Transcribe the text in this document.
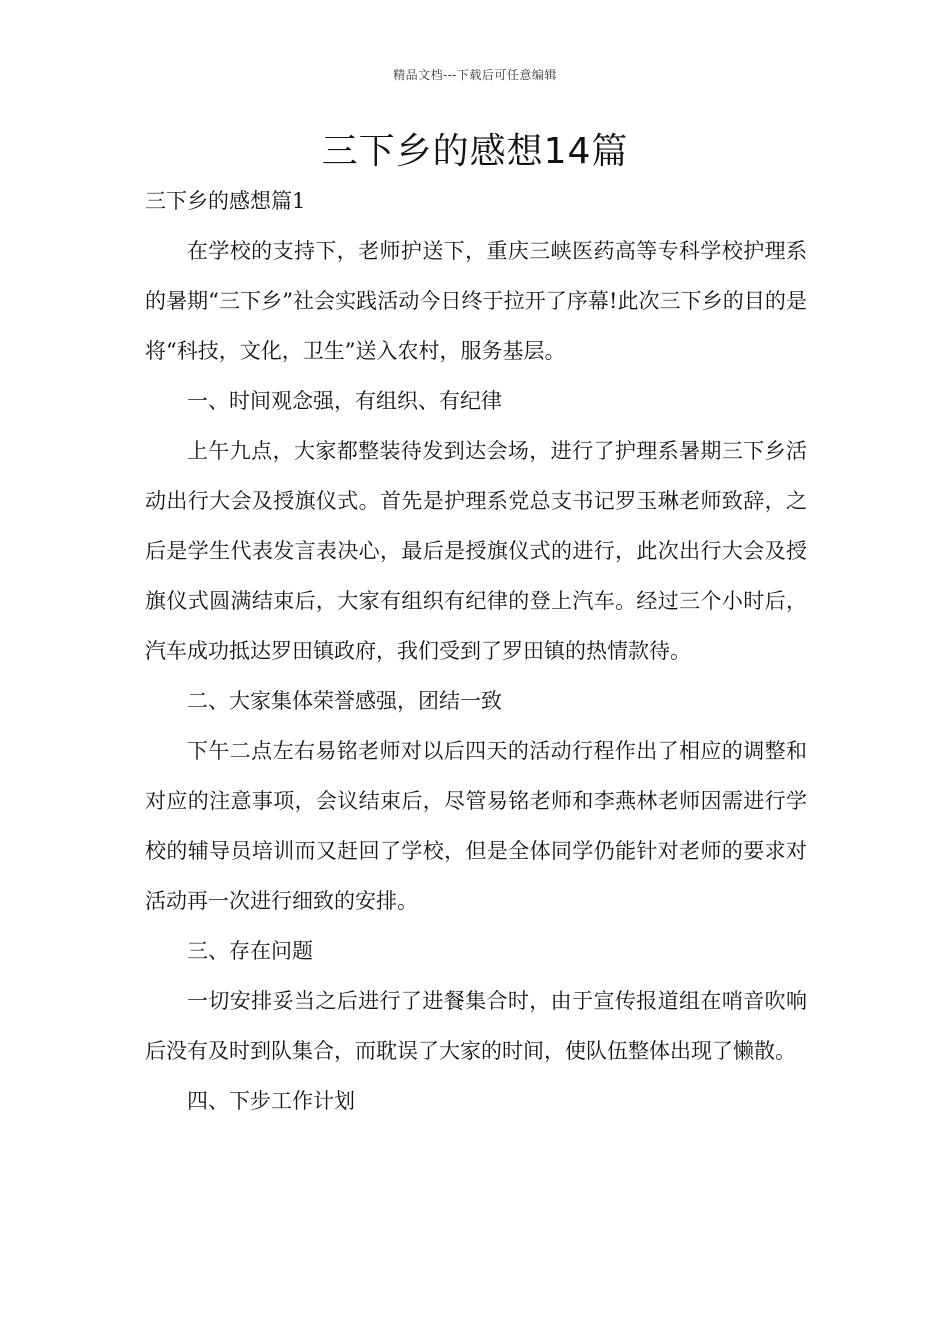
精品文档---下载后可任意编辑
三下乡的感想14篇

三下乡的感想篇1

在学校的支持下，老师护送下，重庆三峡医药高等专科学校护理系的暑期“三下乡”社会实践活动今日终于拉开了序幕!此次三下乡的目的是将“科技，文化，卫生”送入农村，服务基层。

一、时间观念强，有组织、有纪律

上午九点，大家都整装待发到达会场，进行了护理系暑期三下乡活动出行大会及授旗仪式。首先是护理系党总支书记罗玉琳老师致辞，之后是学生代表发言表决心，最后是授旗仪式的进行，此次出行大会及授旗仪式圆满结束后，大家有组织有纪律的登上汽车。经过三个小时后，汽车成功抵达罗田镇政府，我们受到了罗田镇的热情款待。

二、大家集体荣誉感强，团结一致

下午二点左右易铭老师对以后四天的活动行程作出了相应的调整和对应的注意事项，会议结束后，尽管易铭老师和李燕林老师因需进行学校的辅导员培训而又赶回了学校，但是全体同学仍能针对老师的要求对活动再一次进行细致的安排。

三、存在问题

一切安排妥当之后进行了进餐集合时，由于宣传报道组在哨音吹响后没有及时到队集合，而耽误了大家的时间，使队伍整体出现了懒散。

四、下步工作计划
